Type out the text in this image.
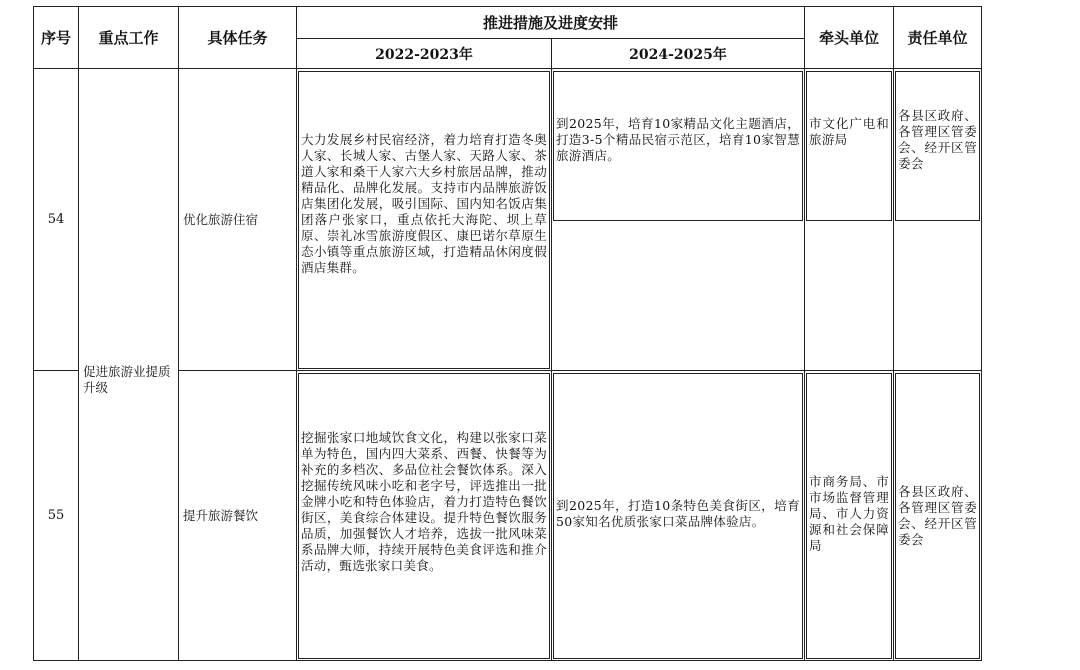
序号	重点工作	具体任务	推进措施及进度安排		牵头单位	责任单位
			2022-2023年	2024-2025年		
54	促进旅游业提质升级	优化旅游住宿	大力发展乡村民宿经济，着力培育打造冬奥人家、长城人家、古堡人家、天路人家、茶道人家和桑干人家六大乡村旅居品牌，推动精品化、品牌化发展。支持市内品牌旅游饭店集团化发展，吸引国际、国内知名饭店集团落户张家口，重点依托大海陀、坝上草原、崇礼冰雪旅游度假区、康巴诺尔草原生态小镇等重点旅游区域，打造精品休闲度假酒店集群。	到2025年，培育10家精品文化主题酒店，打造3-5个精品民宿示范区，培育10家智慧旅游酒店。	市文化广电和旅游局	各县区政府、各管理区管委会、经开区管委会

55		提升旅游餐饮	挖掘张家口地域饮食文化，构建以张家口菜单为特色，国内四大菜系、西餐、快餐等为补充的多档次、多品位社会餐饮体系。深入挖掘传统风味小吃和老字号，评选推出一批金牌小吃和特色体验店，着力打造特色餐饮街区，美食综合体建设。提升特色餐饮服务品质，加强餐饮人才培养，选拔一批风味菜系品牌大师，持续开展特色美食评选和推介活动，甄选张家口美食。	到2025年，打造10条特色美食街区，培育50家知名优质张家口菜品牌体验店。	市商务局、市市场监督管理局、市人力资源和社会保障局	各县区政府、各管理区管委会、经开区管委会
